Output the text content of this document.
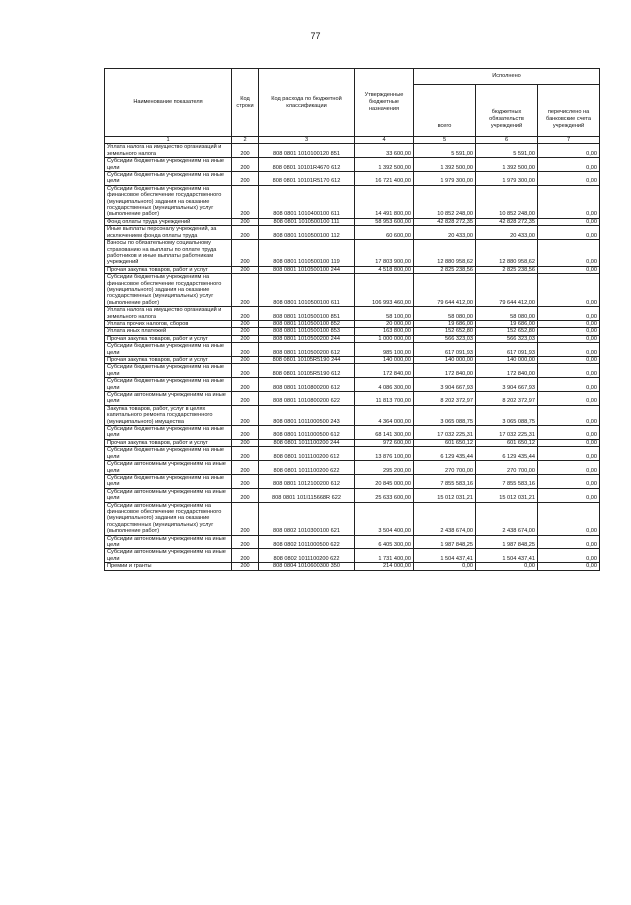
77
Наименование показателя	Код строки	Код расхода по бюджетной классификации	Утвержденные бюджетные назначения	Исполнено		
				всего	бюджетных обязательств учреждений	перечислено на банковские счета учреждений
1	2	3	4	5	6	7
Уплата налога на имущество организаций и земельного налога	200	808 0801 1010100120 851	33 600,00	5 591,00	5 591,00	0,00
Субсидии бюджетным учреждениям на иные цели	200	808 0801 10101R4670 612	1 392 500,00	1 392 500,00	1 392 500,00	0,00
Субсидии бюджетным учреждениям на иные цели	200	808 0801 10101R5170 612	16 721 400,00	1 979 300,00	1 979 300,00	0,00
Субсидии бюджетным учреждениям на финансовое обеспечение государственного (муниципального) задания на оказание государственных (муниципальных) услуг (выполнение работ)	200	808 0801 1010400100 611	14 491 800,00	10 852 248,00	10 852 248,00	0,00
Фонд оплаты труда учреждений	200	808 0801 1010500100 111	58 953 600,00	42 828 272,35	42 828 272,35	0,00
Иные выплаты персоналу учреждений, за исключением фонда оплаты труда	200	808 0801 1010500100 112	60 600,00	20 433,00	20 433,00	0,00
Взносы по обязательному социальному страхованию на выплаты по оплате труда работников и иные выплаты работникам учреждений	200	808 0801 1010500100 119	17 803 900,00	12 880 958,62	12 880 958,62	0,00
Прочая закупка товаров, работ и услуг	200	808 0801 1010500100 244	4 518 800,00	2 825 238,56	2 825 238,56	0,00
Субсидии бюджетным учреждениям на финансовое обеспечение государственного (муниципального) задания на оказание государственных (муниципальных) услуг (выполнение работ)	200	808 0801 1010500100 611	106 993 460,00	79 644 412,00	79 644 412,00	0,00
Уплата налога на имущество организаций и земельного налога	200	808 0801 1010500100 851	58 100,00	58 080,00	58 080,00	0,00
Уплата прочих налогов, сборов	200	808 0801 1010500100 852	20 000,00	19 686,00	19 686,00	0,00
Уплата иных платежей	200	808 0801 1010500100 853	163 800,00	152 652,80	152 652,80	0,00
Прочая закупка товаров, работ и услуг	200	808 0801 1010500200 244	1 000 000,00	566 323,03	566 323,03	0,00
Субсидии бюджетным учреждениям на иные цели	200	808 0801 1010500200 612	985 100,00	617 091,93	617 091,93	0,00
Прочая закупка товаров, работ и услуг	200	808 0801 10105R5190 244	140 000,00	140 000,00	140 000,00	0,00
Субсидии бюджетным учреждениям на иные цели	200	808 0801 10105R5190 612	172 840,00	172 840,00	172 840,00	0,00
Субсидии бюджетным учреждениям на иные цели	200	808 0801 1010800200 612	4 086 300,00	3 904 667,93	3 904 667,93	0,00
Субсидии автономным учреждениям на иные цели	200	808 0801 1010800200 622	11 813 700,00	8 202 372,97	8 202 372,97	0,00
Закупка товаров, работ, услуг в целях капитального ремонта государственного (муниципального) имущества	200	808 0801 1011000500 243	4 364 000,00	3 065 088,75	3 065 088,75	0,00
Субсидии бюджетным учреждениям на иные цели	200	808 0801 1011000500 612	68 141 300,00	17 032 225,31	17 032 225,31	0,00
Прочая закупка товаров, работ и услуг	200	808 0801 1011100200 244	972 600,00	601 650,12	601 650,12	0,00
Субсидии бюджетным учреждениям на иные цели	200	808 0801 1011100200 612	13 876 100,00	6 129 435,44	6 129 435,44	0,00
Субсидии автономным учреждениям на иные цели	200	808 0801 1011100200 622	295 200,00	270 700,00	270 700,00	0,00
Субсидии бюджетным учреждениям на иные цели	200	808 0801 1012100200 612	20 845 000,00	7 855 583,16	7 855 583,16	0,00
Субсидии автономным учреждениям на иные цели	200	808 0801 101I115668R 622	25 633 600,00	15 012 031,21	15 012 031,21	0,00
Субсидии автономным учреждениям на финансовое обеспечение государственного (муниципального) задания на оказание государственных (муниципальных) услуг (выполнение работ)	200	808 0802 1010300100 621	3 504 400,00	2 438 674,00	2 438 674,00	0,00
Субсидии автономным учреждениям на иные цели	200	808 0802 1011000500 622	6 405 300,00	1 987 848,25	1 987 848,25	0,00
Субсидии автономным учреждениям на иные цели	200	808 0802 1011100200 622	1 731 400,00	1 504 437,41	1 504 437,41	0,00
Премии и гранты	200	808 0804 1010600300 350	214 000,00	0,00	0,00	0,00
